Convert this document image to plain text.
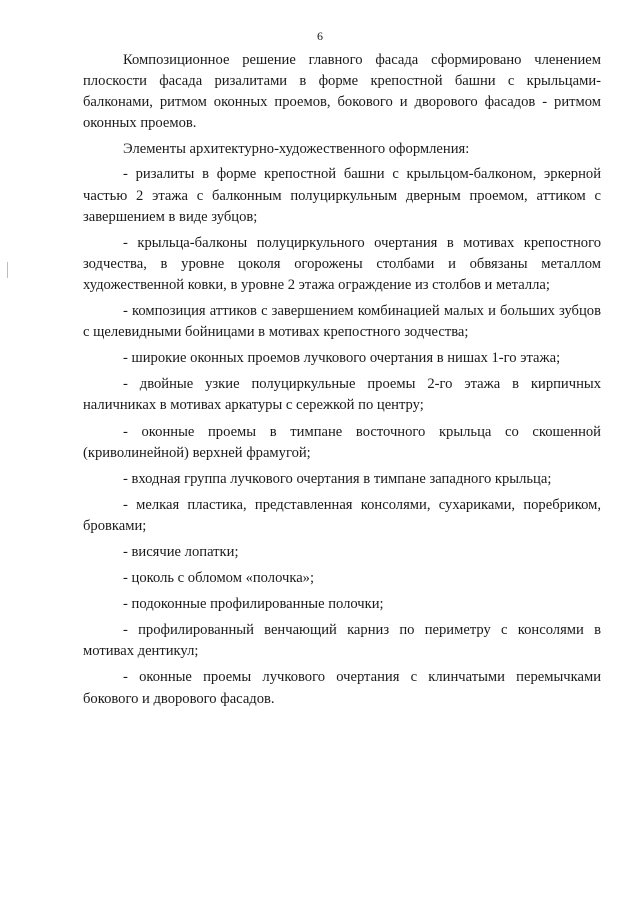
6

Композиционное решение главного фасада сформировано членением плоскости фасада ризалитами в форме крепостной башни с крыльцами-балконами, ритмом оконных проемов, бокового и дворового фасадов - ритмом оконных проемов.

Элементы архитектурно-художественного оформления:

- ризалиты в форме крепостной башни с крыльцом-балконом, эркерной частью 2 этажа с балконным полуциркульным дверным проемом, аттиком с завершением в виде зубцов;

- крыльца-балконы полуциркульного очертания в мотивах крепостного зодчества, в уровне цоколя огорожены столбами и обвязаны металлом художественной ковки, в уровне 2 этажа ограждение из столбов и металла;

- композиция аттиков с завершением комбинацией малых и больших зубцов с щелевидными бойницами в мотивах крепостного зодчества;

- широкие оконных проемов лучкового очертания в нишах 1-го этажа;

- двойные узкие полуциркульные проемы 2-го этажа в кирпичных наличниках в мотивах аркатуры с сережкой по центру;

- оконные проемы в тимпане восточного крыльца со скошенной (криволинейной) верхней фрамугой;

- входная группа лучкового очертания в тимпане западного крыльца;

- мелкая пластика, представленная консолями, сухариками, поребриком, бровками;

- висячие лопатки;

- цоколь с обломом «полочка»;

- подоконные профилированные полочки;

- профилированный венчающий карниз по периметру с консолями в мотивах дентикул;

- оконные проемы лучкового очертания с клинчатыми перемычками бокового и дворового фасадов.
